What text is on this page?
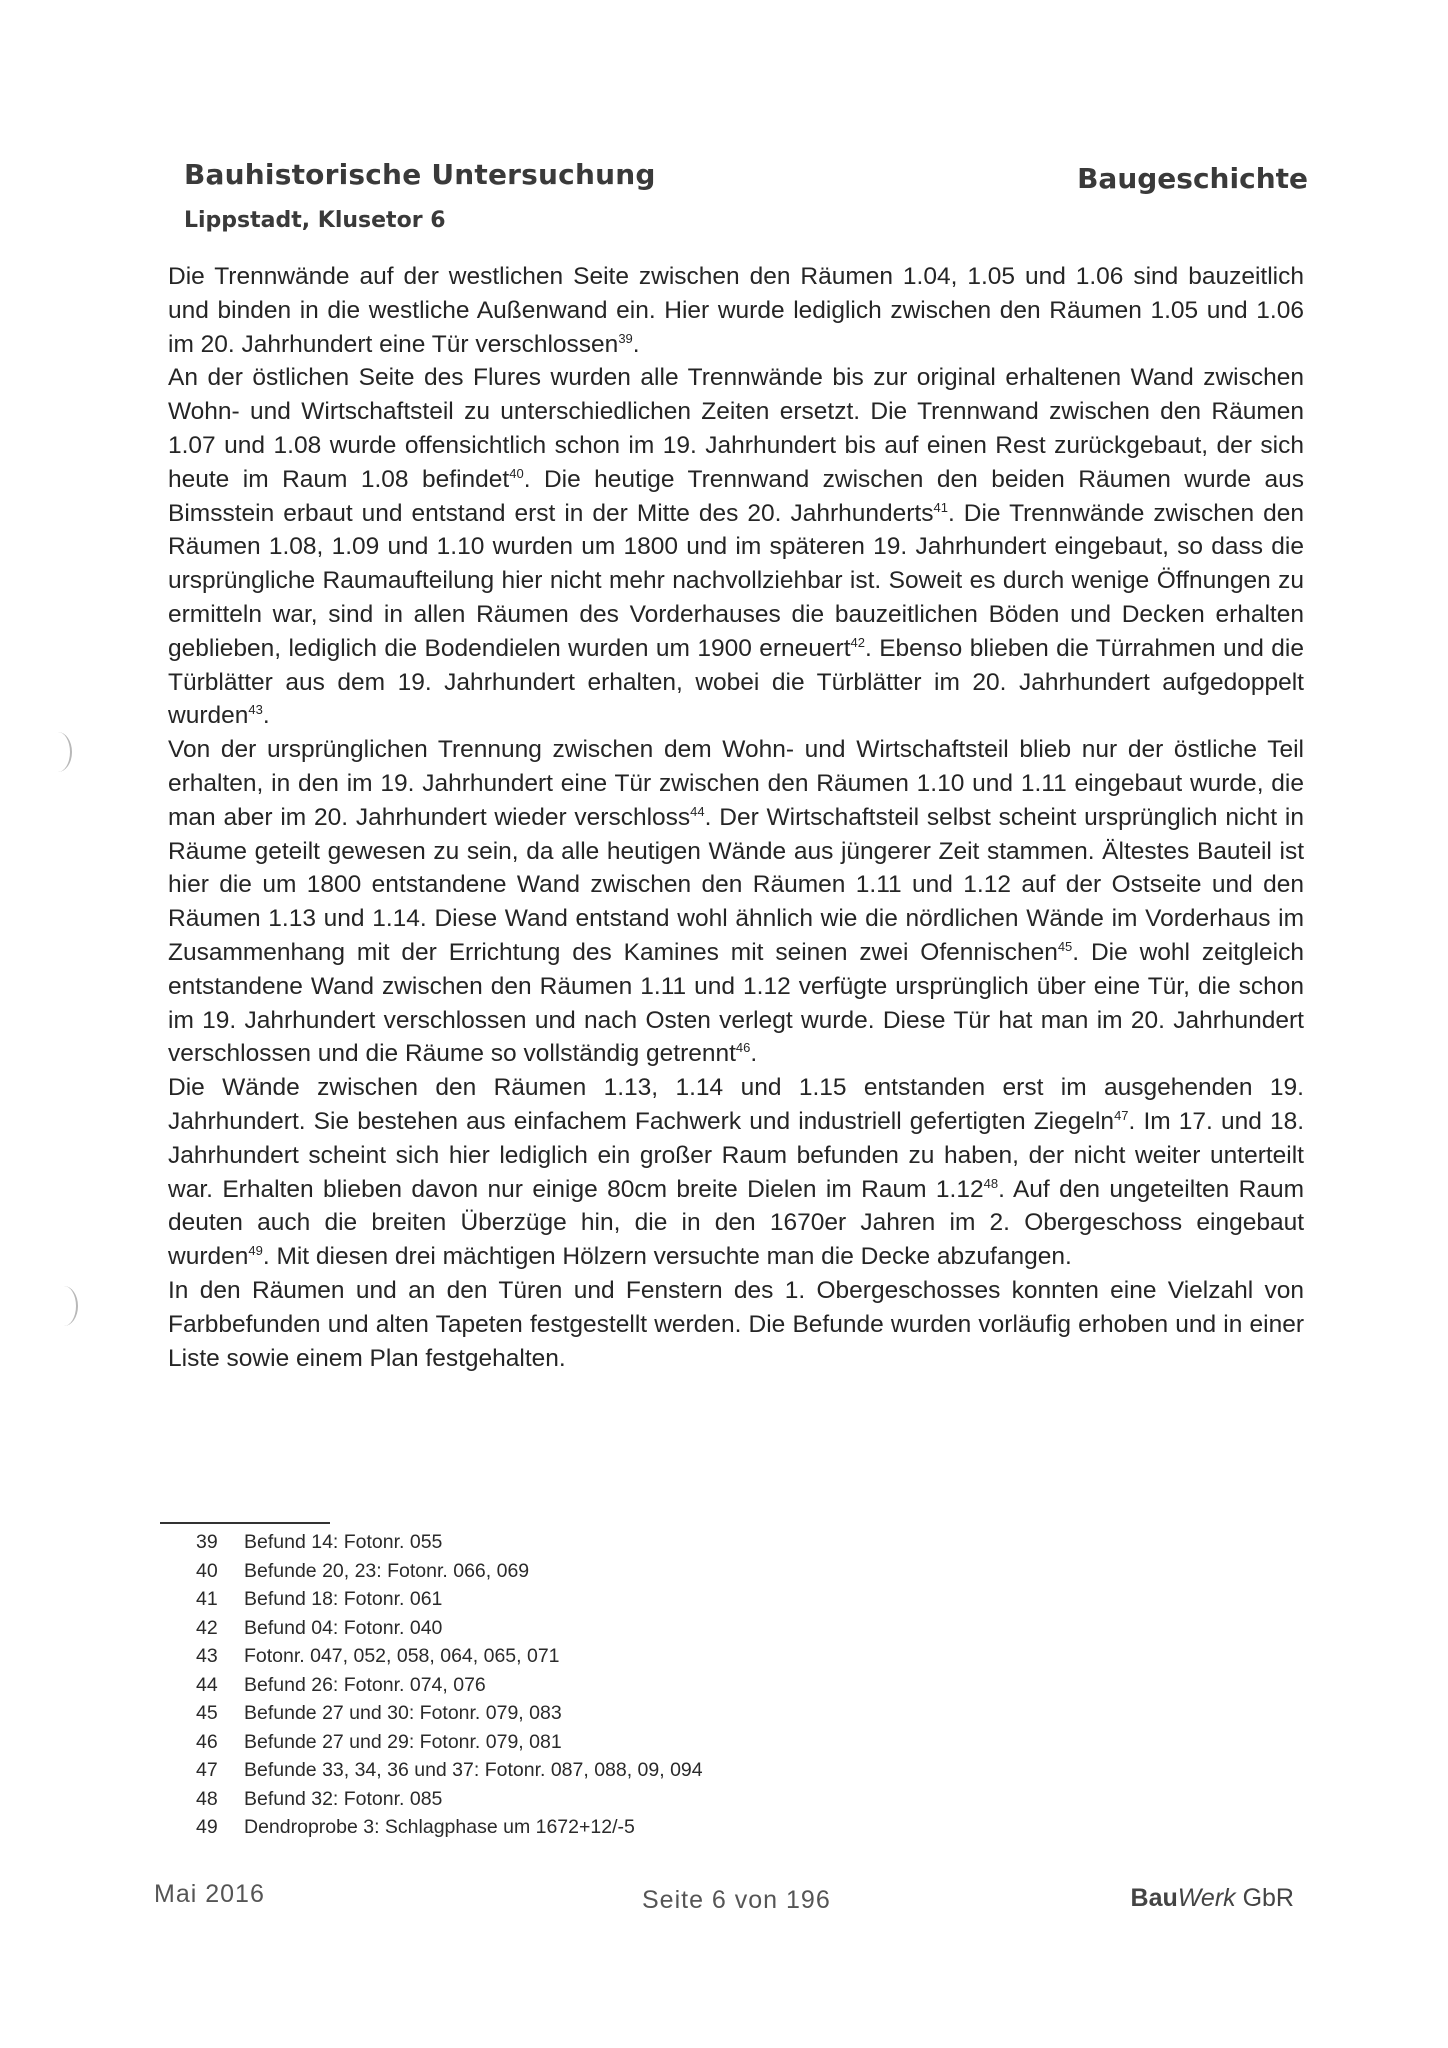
Bauhistorische Untersuchung
Lippstadt, Klusetor 6
Baugeschichte

Die Trennwände auf der westlichen Seite zwischen den Räumen 1.04, 1.05 und 1.06 sind bauzeitlich und binden in die westliche Außenwand ein. Hier wurde lediglich zwischen den Räumen 1.05 und 1.06 im 20. Jahrhundert eine Tür verschlossen$^{39}$.

An der östlichen Seite des Flures wurden alle Trennwände bis zur original erhaltenen Wand zwischen Wohn- und Wirtschaftsteil zu unterschiedlichen Zeiten ersetzt. Die Trennwand zwischen den Räumen 1.07 und 1.08 wurde offensichtlich schon im 19. Jahrhundert bis auf einen Rest zurückgebaut, der sich heute im Raum 1.08 befindet$^{40}$. Die heutige Trennwand zwischen den beiden Räumen wurde aus Bimsstein erbaut und entstand erst in der Mitte des 20. Jahrhunderts$^{41}$. Die Trennwände zwischen den Räumen 1.08, 1.09 und 1.10 wurden um 1800 und im späteren 19. Jahrhundert eingebaut, so dass die ursprüngliche Raumaufteilung hier nicht mehr nachvollziehbar ist. Soweit es durch wenige Öffnungen zu ermitteln war, sind in allen Räumen des Vorderhauses die bauzeitlichen Böden und Decken erhalten geblieben, lediglich die Bodendielen wurden um 1900 erneuert$^{42}$. Ebenso blieben die Türrahmen und die Türblätter aus dem 19. Jahrhundert erhalten, wobei die Türblätter im 20. Jahrhundert aufgedoppelt wurden$^{43}$.

Von der ursprünglichen Trennung zwischen dem Wohn- und Wirtschaftsteil blieb nur der östliche Teil erhalten, in den im 19. Jahrhundert eine Tür zwischen den Räumen 1.10 und 1.11 eingebaut wurde, die man aber im 20. Jahrhundert wieder verschloss$^{44}$. Der Wirtschaftsteil selbst scheint ursprünglich nicht in Räume geteilt gewesen zu sein, da alle heutigen Wände aus jüngerer Zeit stammen. Ältestes Bauteil ist hier die um 1800 entstandene Wand zwischen den Räumen 1.11 und 1.12 auf der Ostseite und den Räumen 1.13 und 1.14. Diese Wand entstand wohl ähnlich wie die nördlichen Wände im Vorderhaus im Zusammenhang mit der Errichtung des Kamines mit seinen zwei Ofennischen$^{45}$. Die wohl zeitgleich entstandene Wand zwischen den Räumen 1.11 und 1.12 verfügte ursprünglich über eine Tür, die schon im 19. Jahrhundert verschlossen und nach Osten verlegt wurde. Diese Tür hat man im 20. Jahrhundert verschlossen und die Räume so vollständig getrennt$^{46}$.

Die Wände zwischen den Räumen 1.13, 1.14 und 1.15 entstanden erst im ausgehenden 19. Jahrhundert. Sie bestehen aus einfachem Fachwerk und industriell gefertigten Ziegeln$^{47}$. Im 17. und 18. Jahrhundert scheint sich hier lediglich ein großer Raum befunden zu haben, der nicht weiter unterteilt war. Erhalten blieben davon nur einige 80cm breite Dielen im Raum 1.12$^{48}$. Auf den ungeteilten Raum deuten auch die breiten Überzüge hin, die in den 1670er Jahren im 2. Obergeschoss eingebaut wurden$^{49}$. Mit diesen drei mächtigen Hölzern versuchte man die Decke abzufangen.

In den Räumen und an den Türen und Fenstern des 1. Obergeschosses konnten eine Vielzahl von Farbbefunden und alten Tapeten festgestellt werden. Die Befunde wurden vorläufig erhoben und in einer Liste sowie einem Plan festgehalten.

39	Befund 14: Fotonr. 055
40	Befunde 20, 23: Fotonr. 066, 069
41	Befund 18: Fotonr. 061
42	Befund 04: Fotonr. 040
43	Fotonr. 047, 052, 058, 064, 065, 071
44	Befund 26: Fotonr. 074, 076
45	Befunde 27 und 30: Fotonr. 079, 083
46	Befunde 27 und 29: Fotonr. 079, 081
47	Befunde 33, 34, 36 und 37: Fotonr. 087, 088, 09, 094
48	Befund 32: Fotonr. 085
49	Dendroprobe 3: Schlagphase um 1672+12/-5
Mai 2016	Seite 6 von 196	BauWerk GbR
